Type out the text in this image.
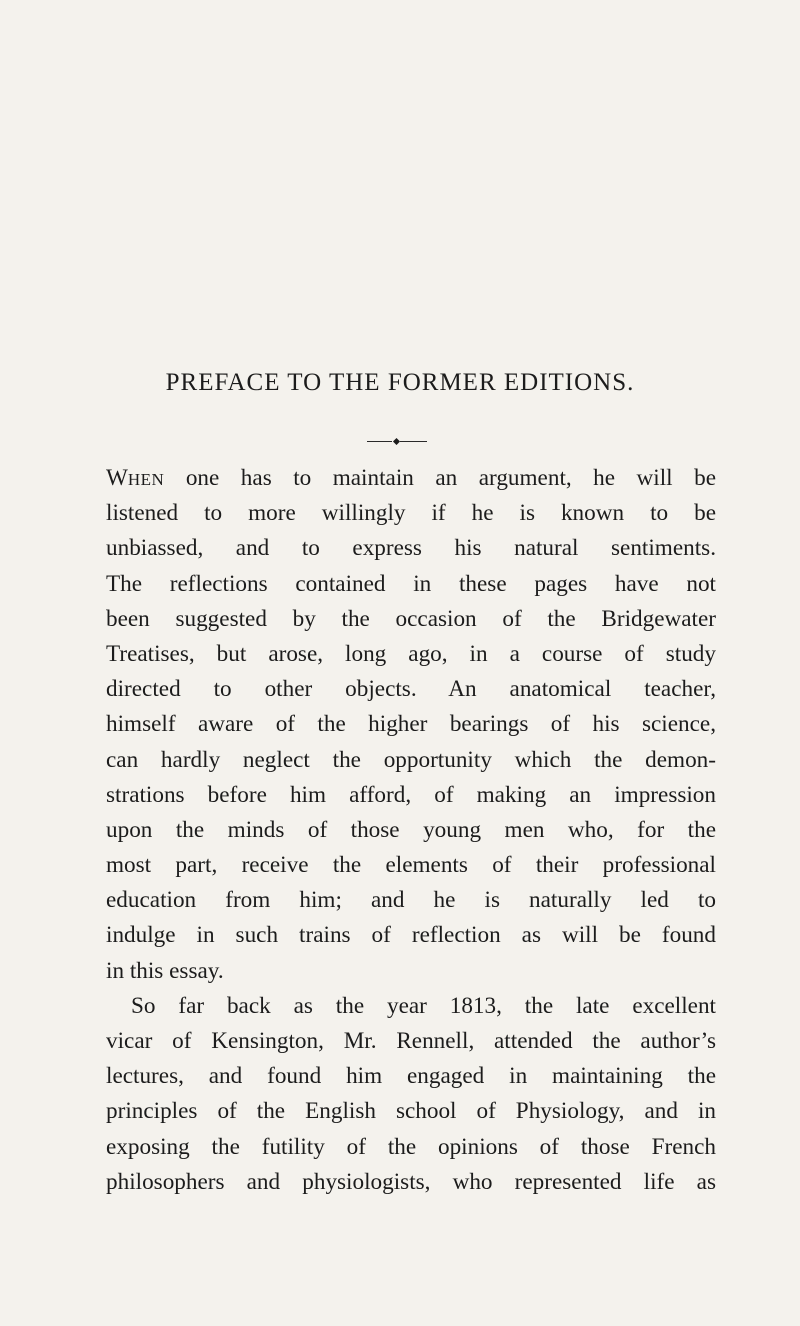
PREFACE TO THE FORMER EDITIONS.
WHEN one has to maintain an argument, he will be
listened to more willingly if he is known to be
unbiassed, and to express his natural sentiments.
The reflections contained in these pages have not
been suggested by the occasion of the Bridgewater
Treatises, but arose, long ago, in a course of study
directed to other objects. An anatomical teacher,
himself aware of the higher bearings of his science,
can hardly neglect the opportunity which the demon-
strations before him afford, of making an impression
upon the minds of those young men who, for the
most part, receive the elements of their professional
education from him; and he is naturally led to
indulge in such trains of reflection as will be found
in this essay.
So far back as the year 1813, the late excellent
vicar of Kensington, Mr. Rennell, attended the author’s
lectures, and found him engaged in maintaining the
principles of the English school of Physiology, and in
exposing the futility of the opinions of those French
philosophers and physiologists, who represented life as
